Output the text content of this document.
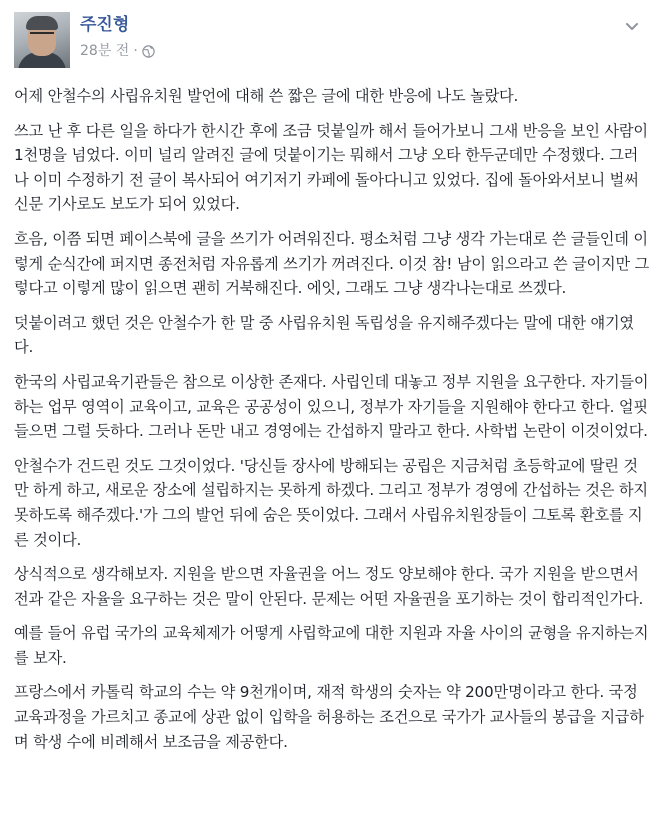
주진형
28분 전 ·

어제 안철수의 사립유치원 발언에 대해 쓴 짧은 글에 대한 반응에 나도 놀랐다.

쓰고 난 후 다른 일을 하다가 한시간 후에 조금 덧붙일까 해서 들어가보니 그새 반응을 보인 사람이 1천명을 넘었다. 이미 널리 알려진 글에 덧붙이기는 뭐해서 그냥 오타 한두군데만 수정했다. 그러나 이미 수정하기 전 글이 복사되어 여기저기 카페에 돌아다니고 있었다. 집에 돌아와서보니 벌써 신문 기사로도 보도가 되어 있었다.

흐음, 이쯤 되면 페이스북에 글을 쓰기가 어려워진다. 평소처럼 그냥 생각 가는대로 쓴 글들인데 이렇게 순식간에 퍼지면 종전처럼 자유롭게 쓰기가 꺼려진다. 이것 참! 남이 읽으라고 쓴 글이지만 그렇다고 이렇게 많이 읽으면 괜히 거북해진다. 에잇, 그래도 그냥 생각나는대로 쓰겠다.

덧붙이려고 했던 것은 안철수가 한 말 중 사립유치원 독립성을 유지해주겠다는 말에 대한 얘기였다.

한국의 사립교육기관들은 참으로 이상한 존재다. 사립인데 대놓고 정부 지원을 요구한다. 자기들이 하는 업무 영역이 교육이고, 교육은 공공성이 있으니, 정부가 자기들을 지원해야 한다고 한다. 얼핏 들으면 그럴 듯하다. 그러나 돈만 내고 경영에는 간섭하지 말라고 한다. 사학법 논란이 이것이었다.

안철수가 건드린 것도 그것이었다. '당신들 장사에 방해되는 공립은 지금처럼 초등학교에 딸린 것만 하게 하고, 새로운 장소에 설립하지는 못하게 하겠다. 그리고 정부가 경영에 간섭하는 것은 하지 못하도록 해주겠다.'가 그의 발언 뒤에 숨은 뜻이었다. 그래서 사립유치원장들이 그토록 환호를 지른 것이다.

상식적으로 생각해보자. 지원을 받으면 자율권을 어느 정도 양보해야 한다. 국가 지원을 받으면서 전과 같은 자율을 요구하는 것은 말이 안된다. 문제는 어떤 자율권을 포기하는 것이 합리적인가다.

예를 들어 유럽 국가의 교육체제가 어떻게 사립학교에 대한 지원과 자율 사이의 균형을 유지하는지를 보자.

프랑스에서 카톨릭 학교의 수는 약 9천개이며, 재적 학생의 숫자는 약 200만명이라고 한다. 국정 교육과정을 가르치고 종교에 상관 없이 입학을 허용하는 조건으로 국가가 교사들의 봉급을 지급하며 학생 수에 비례해서 보조금을 제공한다.
